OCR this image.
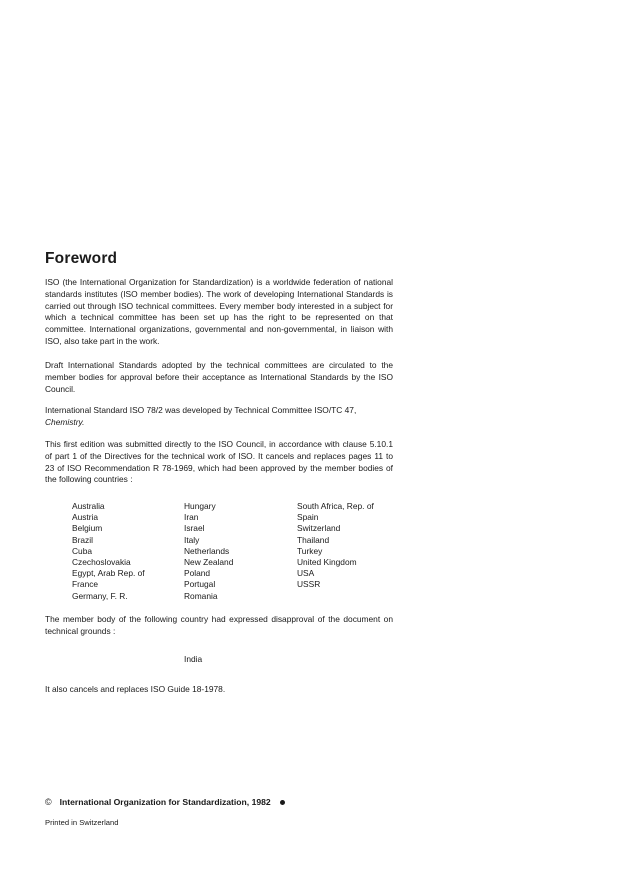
Foreword

ISO (the International Organization for Standardization) is a worldwide federation of national standards institutes (ISO member bodies). The work of developing International Standards is carried out through ISO technical committees. Every member body interested in a subject for which a technical committee has been set up has the right to be represented on that committee. International organizations, governmental and non-governmental, in liaison with ISO, also take part in the work.

Draft International Standards adopted by the technical committees are circulated to the member bodies for approval before their acceptance as International Standards by the ISO Council.

International Standard ISO 78/2 was developed by Technical Committee ISO/TC 47,
Chemistry.

This first edition was submitted directly to the ISO Council, in accordance with clause 5.10.1 of part 1 of the Directives for the technical work of ISO. It cancels and replaces pages 11 to 23 of ISO Recommendation R 78-1969, which had been approved by the member bodies of the following countries :

Australia
Austria
Belgium
Brazil
Cuba
Czechoslovakia
Egypt, Arab Rep. of
France
Germany, F. R.
Hungary
Iran
Israel
Italy
Netherlands
New Zealand
Poland
Portugal
Romania
South Africa, Rep. of
Spain
Switzerland
Thailand
Turkey
United Kingdom
USA
USSR

The member body of the following country had expressed disapproval of the document on technical grounds :

India

It also cancels and replaces ISO Guide 18-1978.

© International Organization for Standardization, 1982
Printed in Switzerland
